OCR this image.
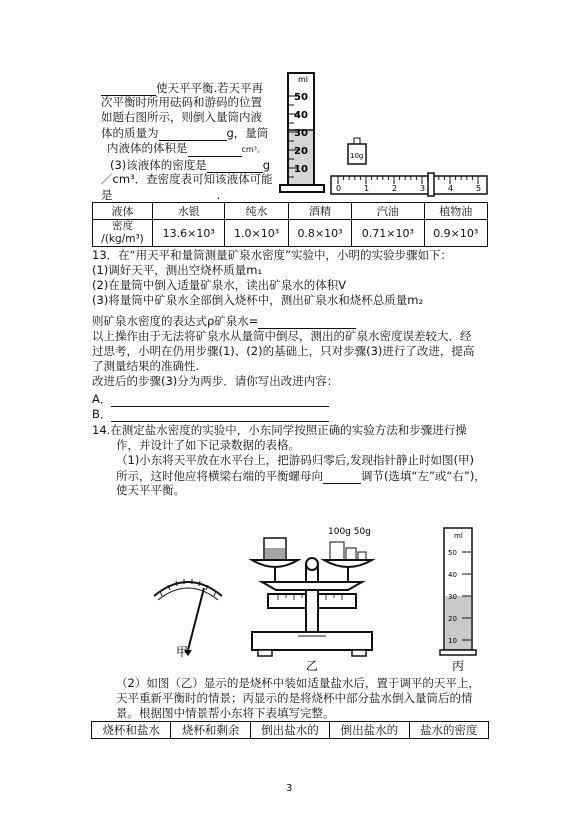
使天平平衡.若天平再
次平衡时所用砝码和游码的位置
如题右图所示，则倒入量筒内液
体的质量为	g，量筒
内液体的体积是	cm³。
(3)该液体的密度是	g
／cm³．查密度表可知该液体可能
是	.
ml
50
40
30
20
10
10g
0	1	2	3	4	5
液体	水银	纯水	酒精	汽油	植物油
密度
/(kg/m³)	13.6×10³	1.0×10³	0.8×10³	0.71×10³	0.9×10³
13．在“用天平和量筒测量矿泉水密度”实验中，小明的实验步骤如下：
(1)调好天平，测出空烧杯质量m₁
(2)在量筒中倒入适量矿泉水，读出矿泉水的体积V
(3)将量筒中矿泉水全部倒入烧杯中，测出矿泉水和烧杯总质量m₂
则矿泉水密度的表达式ρ矿泉水=
以上操作由于无法将矿泉水从量筒中倒尽，测出的矿泉水密度误差较大．经
过思考，小明在仍用步骤(1)、(2)的基础上，只对步骤(3)进行了改进，提高
了测量结果的准确性.
改进后的步骤(3)分为两步．请你写出改进内容：
A．
B．
14.在测定盐水密度的实验中，小东同学按照正确的实验方法和步骤进行操
作，并设计了如下记录数据的表格。
（1)小东将天平放在水平台上，把游码归零后,发现指针静止时如图(甲)
所示，这时他应将横梁右端的平衡螺母向	调节(选填“左”或“右”)，
使天平平衡。
甲
100g 50g
乙
ml
50
40
30
20
10
丙
（2）如图（乙）显示的是烧杯中装如适量盐水后，置于调平的天平上，
天平重新平衡时的情景；丙显示的是将烧杯中部分盐水倒入量筒后的情
景。根据图中情景帮小东将下表填写完整。
烧杯和盐水	烧杯和剩余	倒出盐水的	倒出盐水的	盐水的密度
3
